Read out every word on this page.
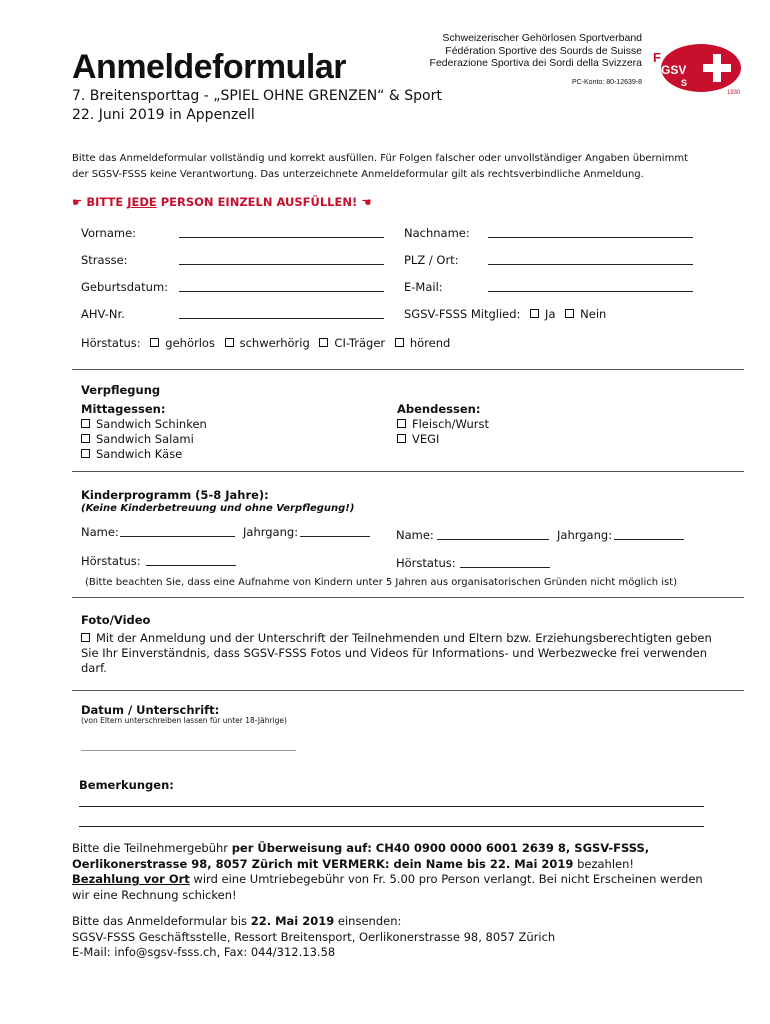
Anmeldeformular
Schweizerischer Gehörlosen Sportverband
Fédération Sportive des Sourds de Suisse
Federazione Sportiva dei Sordi della Svizzera
PC-Konto: 80-12639-8
F
SGSV
S
1930
7. Breitensporttag - „SPIEL OHNE GRENZEN“ & Sport
22. Juni 2019 in Appenzell
Bitte das Anmeldeformular vollständig und korrekt ausfüllen. Für Folgen falscher oder unvollständiger Angaben übernimmt
der SGSV-FSSS keine Verantwortung. Das unterzeichnete Anmeldeformular gilt als rechtsverbindliche Anmeldung.
☛ BITTE JEDE PERSON EINZELN AUSFÜLLEN! ☚
Vorname:	Nachname:
Strasse:	PLZ / Ort:
Geburtsdatum:	E-Mail:
AHV-Nr.	SGSV-FSSS Mitglied: Ja Nein
Hörstatus: gehörlos schwerhörig CI-Träger hörend
Verpflegung
Mittagessen:
Sandwich Schinken
Sandwich Salami
Sandwich Käse
Abendessen:
Fleisch/Wurst
VEGI
Kinderprogramm (5-8 Jahre):
(Keine Kinderbetreuung und ohne Verpflegung!)
Name:	Jahrgang:	Name:	Jahrgang:
Hörstatus:	Hörstatus:
(Bitte beachten Sie, dass eine Aufnahme von Kindern unter 5 Jahren aus organisatorischen Gründen nicht möglich ist)
Foto/Video
Mit der Anmeldung und der Unterschrift der Teilnehmenden und Eltern bzw. Erziehungsberechtigten geben
Sie Ihr Einverständnis, dass SGSV-FSSS Fotos und Videos für Informations- und Werbezwecke frei verwenden
darf.
Datum / Unterschrift:
(von Eltern unterschreiben lassen für unter 18-Jährige)
Bemerkungen:
Bitte die Teilnehmergebühr per Überweisung auf: CH40 0900 0000 6001 2639 8, SGSV-FSSS,
Oerlikonerstrasse 98, 8057 Zürich mit VERMERK: dein Name bis 22. Mai 2019 bezahlen!
Bezahlung vor Ort wird eine Umtriebegebühr von Fr. 5.00 pro Person verlangt. Bei nicht Erscheinen werden
wir eine Rechnung schicken!
Bitte das Anmeldeformular bis 22. Mai 2019 einsenden:
SGSV-FSSS Geschäftsstelle, Ressort Breitensport, Oerlikonerstrasse 98, 8057 Zürich
E-Mail: info@sgsv-fsss.ch, Fax: 044/312.13.58
